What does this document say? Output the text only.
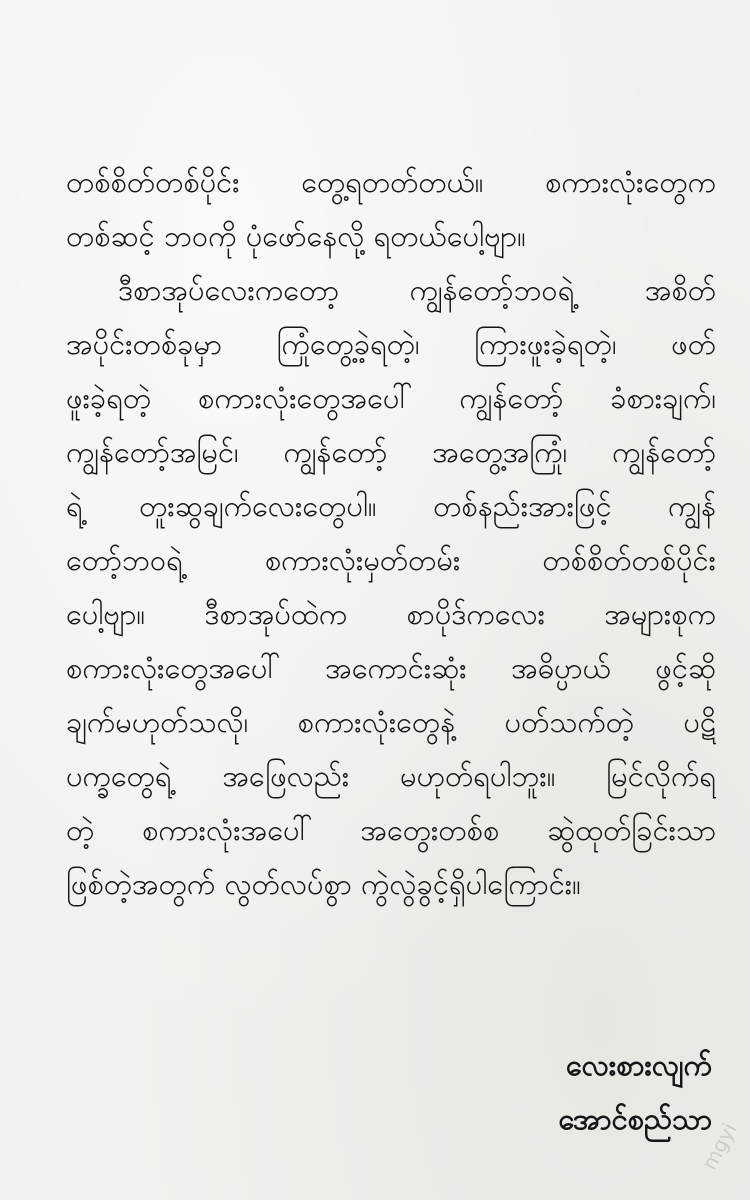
တစ်စိတ်တစ်ပိုင်း တွေ့ရတတ်တယ်။ စကားလုံးတွေက
တစ်ဆင့် ဘ၀ကို ပုံဖော်နေလို့ ရတယ်ပေါ့ဗျာ။
ဒီစာအုပ်လေးကတော့ ကျွန်တော့်ဘ၀ရဲ့ အစိတ်
အပိုင်းတစ်ခုမှာ ကြုံတွေ့ခဲ့ရတဲ့၊ ကြားဖူးခဲ့ရတဲ့၊ ဖတ်
ဖူးခဲ့ရတဲ့ စကားလုံးတွေအပေါ် ကျွန်တော့် ခံစားချက်၊
ကျွန်တော့်အမြင်၊ ကျွန်တော့် အတွေ့အကြုံ၊ ကျွန်တော့်
ရဲ့ တူးဆွချက်လေးတွေပါ။ တစ်နည်းအားဖြင့် ကျွန်
တော့်ဘ၀ရဲ့ စကားလုံးမှတ်တမ်း တစ်စိတ်တစ်ပိုင်း
ပေါ့ဗျာ။ ဒီစာအုပ်ထဲက စာပိုဒ်ကလေး အများစုက
စကားလုံးတွေအပေါ် အကောင်းဆုံး အဓိပ္ပာယ် ဖွင့်ဆို
ချက်မဟုတ်သလို၊ စကားလုံးတွေနဲ့ ပတ်သက်တဲ့ ပဋိ
ပက္ခတွေရဲ့ အဖြေလည်း မဟုတ်ရပါဘူး။ မြင်လိုက်ရ
တဲ့ စကားလုံးအပေါ် အတွေးတစ်စ ဆွဲထုတ်ခြင်းသာ
ဖြစ်တဲ့အတွက် လွတ်လပ်စွာ ကွဲလွဲခွင့်ရှိပါကြောင်း။
လေးစားလျက်
အောင်စည်သာ
mgyi
